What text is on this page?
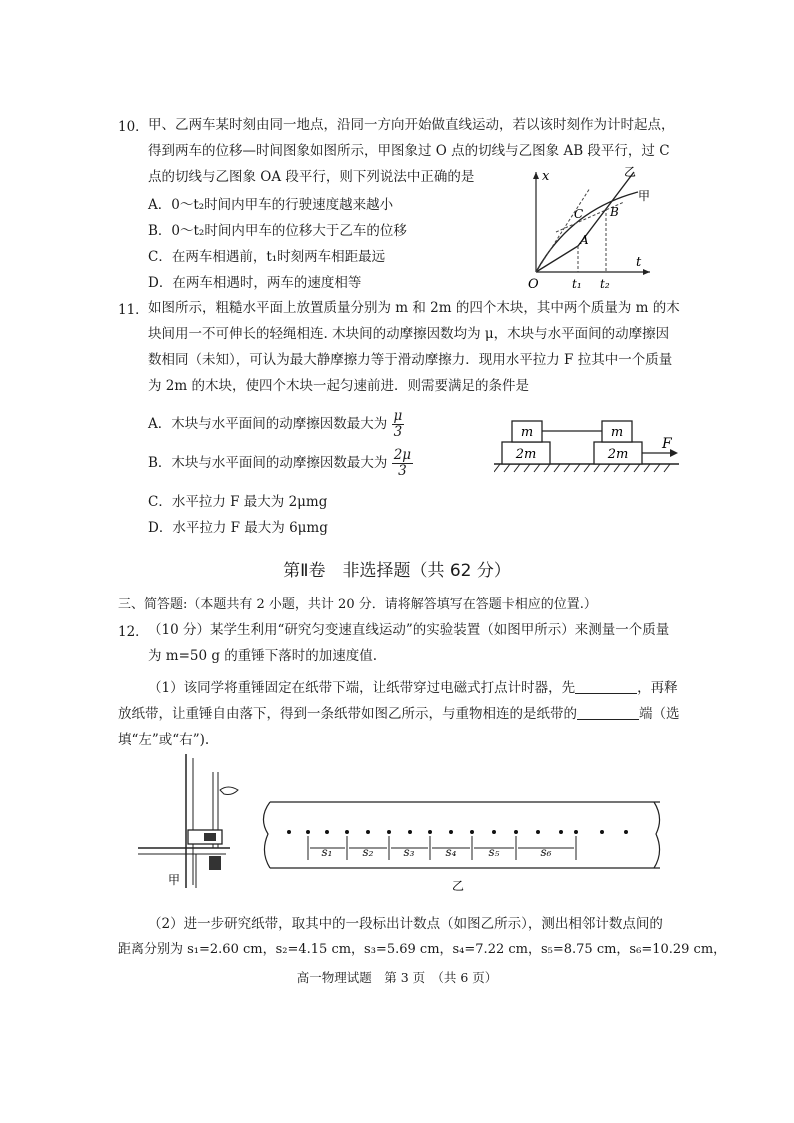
10． 甲、乙两车某时刻由同一地点，沿同一方向开始做直线运动，若以该时刻作为计时起点，
得到两车的位移—时间图象如图所示，甲图象过 O 点的切线与乙图象 AB 段平行，过 C
点的切线与乙图象 OA 段平行，则下列说法中正确的是
A．0～t₂时间内甲车的行驶速度越来越小
B．0～t₂时间内甲车的位移大于乙车的位移
C．在两车相遇前，t₁时刻两车相距最远
D．在两车相遇时，两车的速度相等
x
t
O
乙
甲
A
B
C
t₁ t₂
11． 如图所示，粗糙水平面上放置质量分别为 m 和 2m 的四个木块，其中两个质量为 m 的木
块间用一不可伸长的轻绳相连. 木块间的动摩擦因数均为 μ，木块与水平面间的动摩擦因
数相同（未知），可认为最大静摩擦力等于滑动摩擦力．现用水平拉力 F 拉其中一个质量
为 2m 的木块，使四个木块一起匀速前进．则需要满足的条件是
A．木块与水平面间的动摩擦因数最大为 $\frac{\mu}{3}$
B．木块与水平面间的动摩擦因数最大为 $\frac{2\mu}{3}$
C．水平拉力 F 最大为 2μmg
D．水平拉力 F 最大为 6μmg
m	m
2m	2m
F
第Ⅱ卷　非选择题（共 62 分）
三、简答题:（本题共有 2 小题，共计 20 分．请将解答填写在答题卡相应的位置.）
12． （10 分）某学生利用“研究匀变速直线运动”的实验装置（如图甲所示）来测量一个质量
为 m=50 g 的重锤下落时的加速度值.
（1）该同学将重锤固定在纸带下端，让纸带穿过电磁式打点计时器，先	，再释
放纸带，让重锤自由落下，得到一条纸带如图乙所示，与重物相连的是纸带的	端（选
填“左”或“右”).
甲
s₁	s₂	s₃	s₄	s₅	s₆
乙
（2）进一步研究纸带，取其中的一段标出计数点（如图乙所示），测出相邻计数点间的
距离分别为 s₁=2.60 cm，s₂=4.15 cm，s₃=5.69 cm，s₄=7.22 cm，s₅=8.75 cm，s₆=10.29 cm，
高一物理试题　第 3 页　（共 6 页）
